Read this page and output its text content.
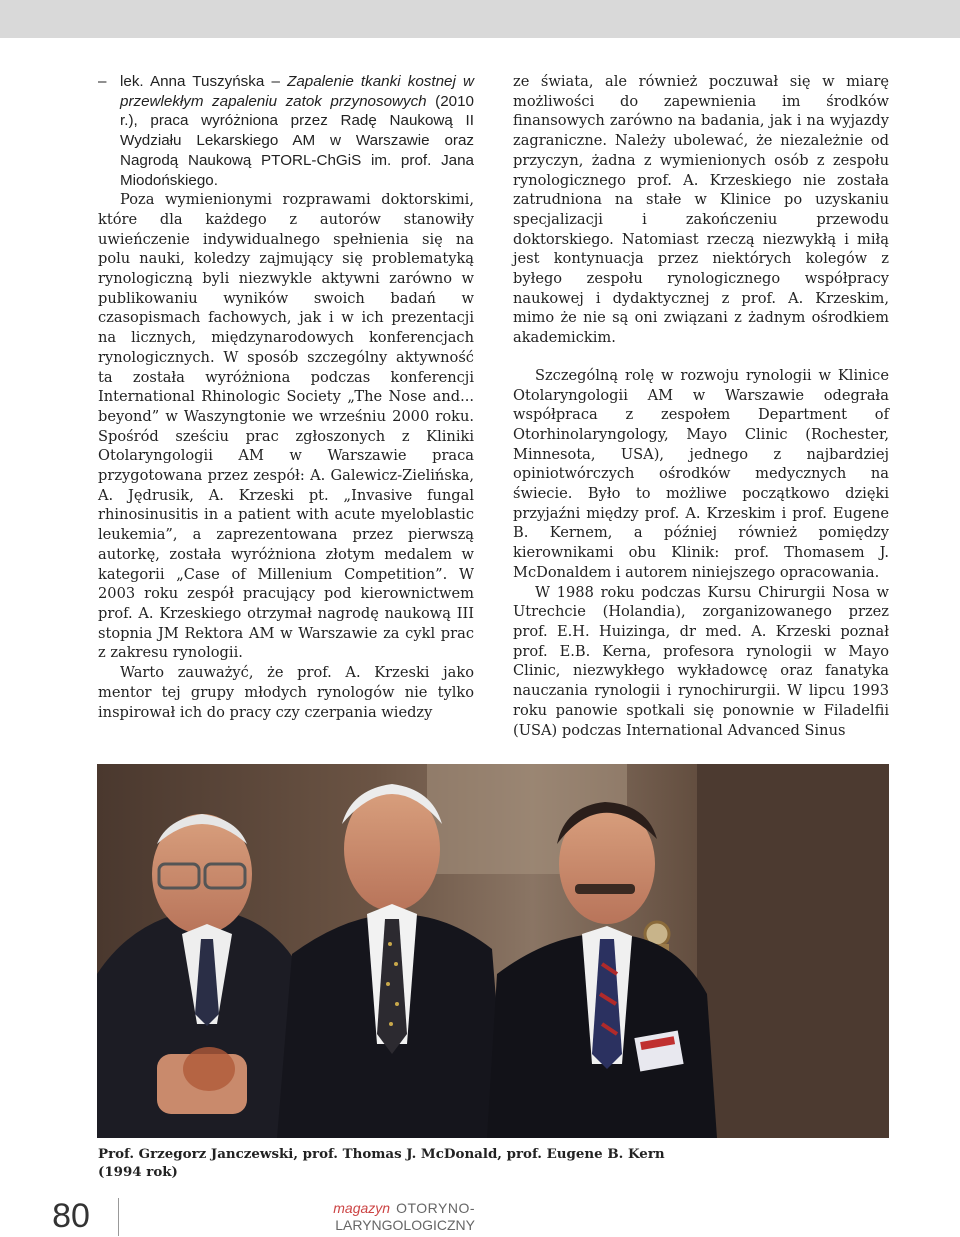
– lek. Anna Tuszyńska – Zapalenie tkanki kostnej w przewlekłym zapaleniu zatok przynosowych (2010 r.), praca wyróżniona przez Radę Naukową II Wydziału Lekarskiego AM w Warszawie oraz Nagrodą Naukową PTORL-ChGiS im. prof. Jana Miodońskiego.

Poza wymienionymi rozprawami doktorskimi, które dla każdego z autorów stanowiły uwieńczenie indywidualnego spełnienia się na polu nauki, koledzy zajmujący się problematyką rynologiczną byli niezwykle aktywni zarówno w publikowaniu wyników swoich badań w czasopismach fachowych, jak i w ich prezentacji na licznych, międzynarodowych konferencjach rynologicznych. W sposób szczególny aktywność ta została wyróżniona podczas konferencji International Rhinologic Society „The Nose and... beyond” w Waszyngtonie we wrześniu 2000 roku. Spośród sześciu prac zgłoszonych z Kliniki Otolaryngologii AM w Warszawie praca przygotowana przez zespół: A. Galewicz-Zielińska, A. Jędrusik, A. Krzeski pt. „Invasive fungal rhinosinusitis in a patient with acute myeloblastic leukemia”, a zaprezentowana przez pierwszą autorkę, została wyróżniona złotym medalem w kategorii „Case of Millenium Competition”. W 2003 roku zespół pracujący pod kierownictwem prof. A. Krzeskiego otrzymał nagrodę naukową III stopnia JM Rektora AM w Warszawie za cykl prac z zakresu rynologii.

Warto zauważyć, że prof. A. Krzeski jako mentor tej grupy młodych rynologów nie tylko inspirował ich do pracy czy czerpania wiedzy

ze świata, ale również poczuwał się w miarę możliwości do zapewnienia im środków finansowych zarówno na badania, jak i na wyjazdy zagraniczne. Należy ubolewać, że niezależnie od przyczyn, żadna z wymienionych osób z zespołu rynologicznego prof. A. Krzeskiego nie została zatrudniona na stałe w Klinice po uzyskaniu specjalizacji i zakończeniu przewodu doktorskiego. Natomiast rzeczą niezwykłą i miłą jest kontynuacja przez niektórych kolegów z byłego zespołu rynologicznego współpracy naukowej i dydaktycznej z prof. A. Krzeskim, mimo że nie są oni związani z żadnym ośrodkiem akademickim.

Szczególną rolę w rozwoju rynologii w Klinice Otolaryngologii AM w Warszawie odegrała współpraca z zespołem Department of Otorhinolaryngology, Mayo Clinic (Rochester, Minnesota, USA), jednego z najbardziej opiniotwórczych ośrodków medycznych na świecie. Było to możliwe początkowo dzięki przyjaźni między prof. A. Krzeskim i prof. Eugene B. Kernem, a później również pomiędzy kierownikami obu Klinik: prof. Thomasem J. McDonaldem i autorem niniejszego opracowania.

W 1988 roku podczas Kursu Chirurgii Nosa w Utrechcie (Holandia), zorganizowanego przez prof. E.H. Huizinga, dr med. A. Krzeski poznał prof. E.B. Kerna, profesora rynologii w Mayo Clinic, niezwykłego wykładowcę oraz fanatyka nauczania rynologii i rynochirurgii. W lipcu 1993 roku panowie spotkali się ponownie w Filadelfii (USA) podczas International Advanced Sinus

Prof. Grzegorz Janczewski, prof. Thomas J. McDonald, prof. Eugene B. Kern (1994 rok)
80	magazyn OTORYNO-
LARYNGOLOGICZNY
